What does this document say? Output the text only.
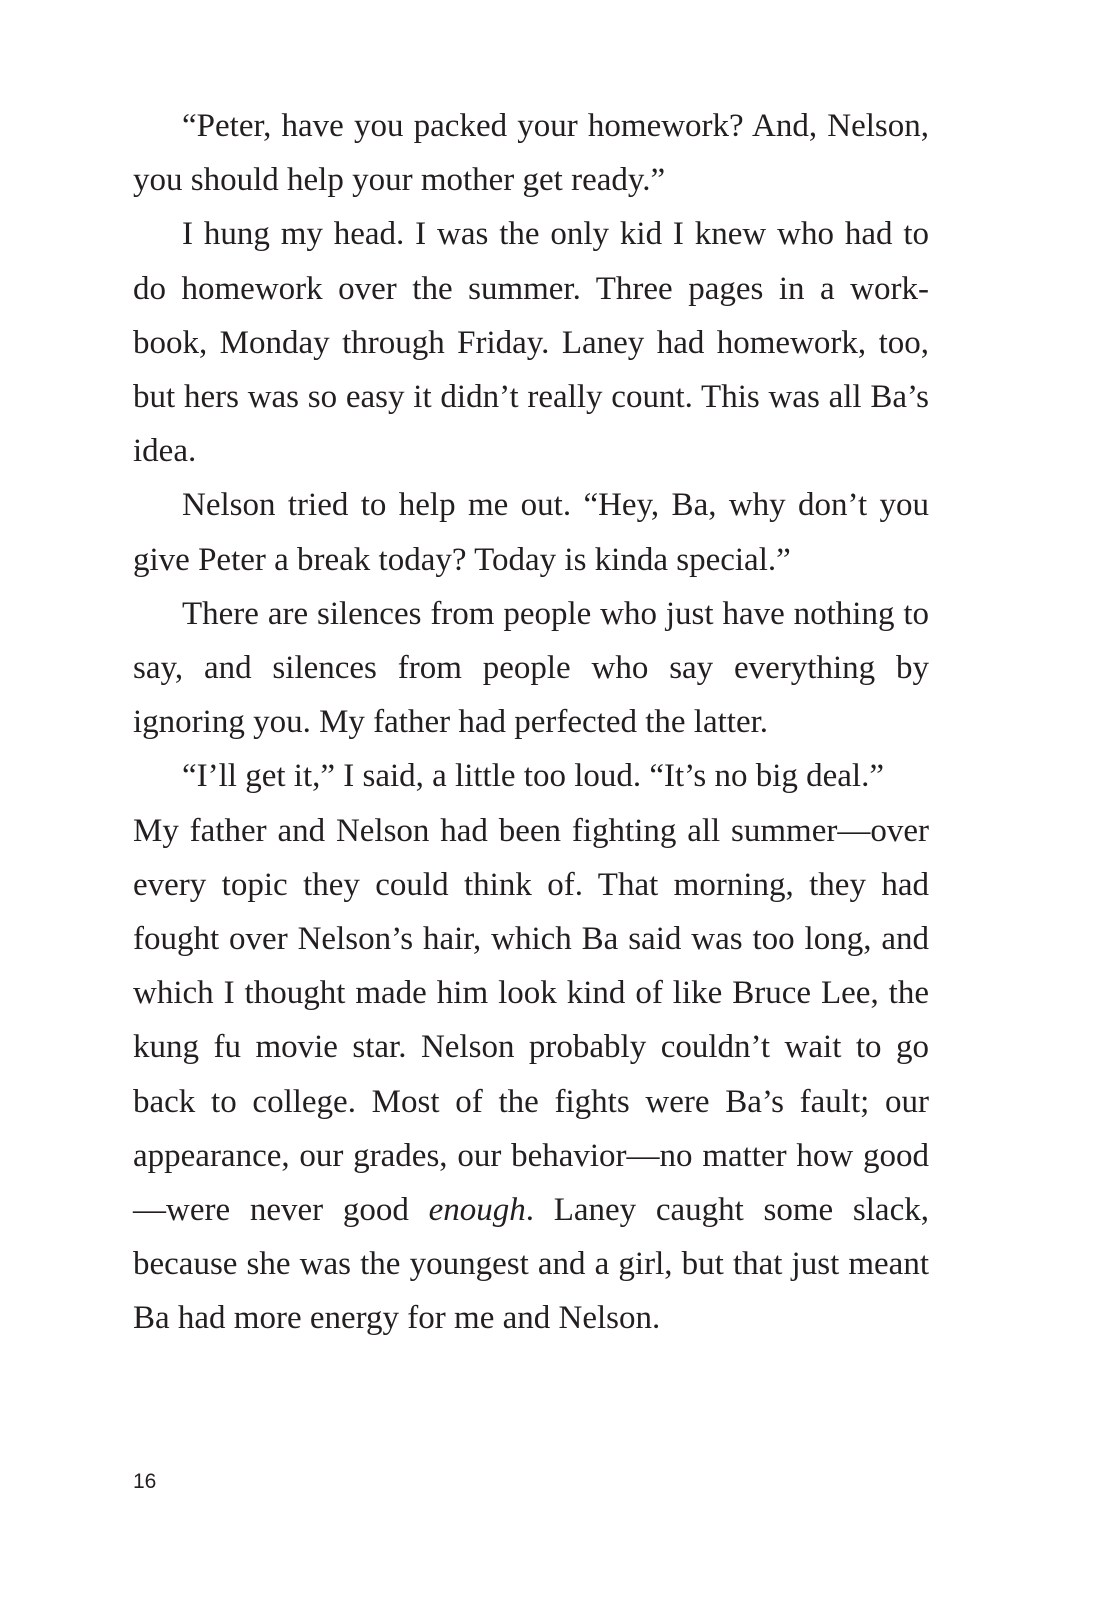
“Peter, have you packed your homework? And, Nelson, you should help your mother get ready.”

I hung my head. I was the only kid I knew who had to do homework over the summer. Three pages in a work-book, Monday through Friday. Laney had homework, too, but hers was so easy it didn’t really count. This was all Ba’s idea.

Nelson tried to help me out. “Hey, Ba, why don’t you give Peter a break today? Today is kinda special.”

There are silences from people who just have nothing to say, and silences from people who say everything by ignoring you. My father had perfected the latter.

“I’ll get it,” I said, a little too loud. “It’s no big deal.”

My father and Nelson had been fighting all summer—over every topic they could think of. That morning, they had fought over Nelson’s hair, which Ba said was too long, and which I thought made him look kind of like Bruce Lee, the kung fu movie star. Nelson probably couldn’t wait to go back to college. Most of the fights were Ba’s fault; our appearance, our grades, our behavior—no matter how good—were never good enough. Laney caught some slack, because she was the youngest and a girl, but that just meant Ba had more energy for me and Nelson.

16
